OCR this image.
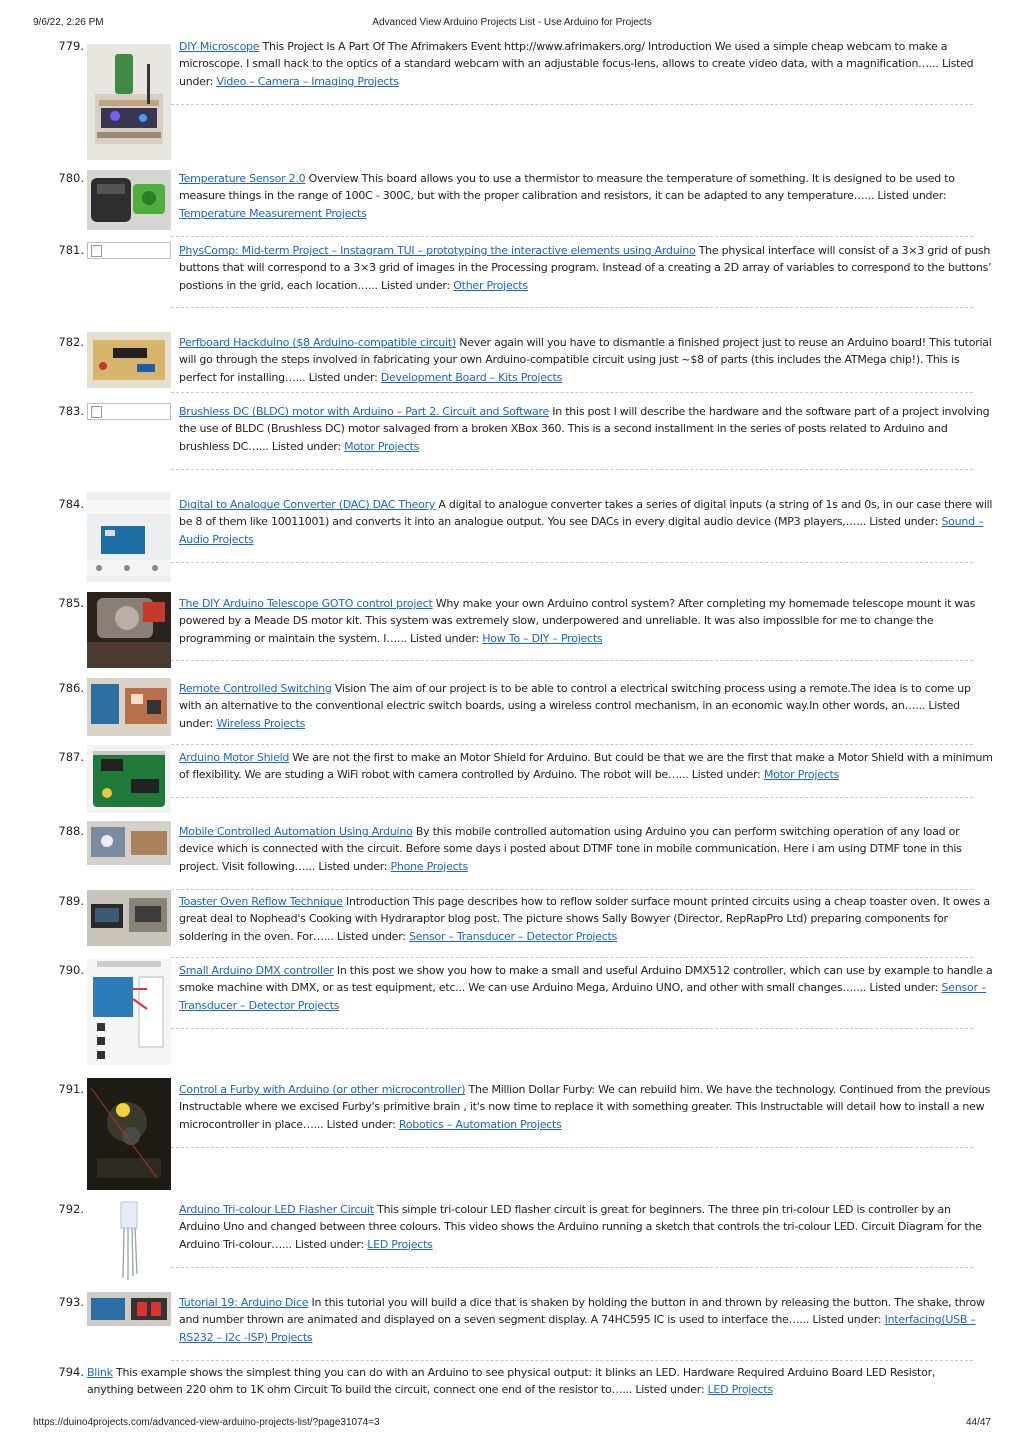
9/6/22, 2:26 PM	Advanced View Arduino Projects List - Use Arduino for Projects
779.	DIY Microscope This Project Is A Part Of The Afrimakers Event http://www.afrimakers.org/ Introduction We used a simple cheap webcam to make a microscope. I small hack to the optics of a standard webcam with an adjustable focus-lens, allows to create video data, with a magnification…... Listed under: Video – Camera – Imaging Projects
780.	Temperature Sensor 2.0 Overview This board allows you to use a thermistor to measure the temperature of something. It is designed to be used to measure things in the range of 100C - 300C, but with the proper calibration and resistors, it can be adapted to any temperature…... Listed under: Temperature Measurement Projects
781.	PhysComp: Mid-term Project – Instagram TUI – prototyping the interactive elements using Arduino The physical interface will consist of a 3×3 grid of push buttons that will correspond to a 3×3 grid of images in the Processing program. Instead of a creating a 2D array of variables to correspond to the buttons’ postions in the grid, each location…... Listed under: Other Projects
782.	Perfboard Hackduino ($8 Arduino-compatible circuit) Never again will you have to dismantle a finished project just to reuse an Arduino board! This tutorial will go through the steps involved in fabricating your own Arduino-compatible circuit using just ~$8 of parts (this includes the ATMega chip!). This is perfect for installing…... Listed under: Development Board – Kits Projects
783.	Brushless DC (BLDC) motor with Arduino – Part 2. Circuit and Software In this post I will describe the hardware and the software part of a project involving the use of BLDC (Brushless DC) motor salvaged from a broken XBox 360. This is a second installment in the series of posts related to Arduino and brushless DC…... Listed under: Motor Projects
784.	Digital to Analogue Converter (DAC) DAC Theory A digital to analogue converter takes a series of digital inputs (a string of 1s and 0s, in our case there will be 8 of them like 10011001) and converts it into an analogue output. You see DACs in every digital audio device (MP3 players,…... Listed under: Sound – Audio Projects
785.	The DIY Arduino Telescope GOTO control project Why make your own Arduino control system? After completing my homemade telescope mount it was powered by a Meade DS motor kit. This system was extremely slow, underpowered and unreliable. It was also impossible for me to change the programming or maintain the system. I…... Listed under: How To – DIY – Projects
786.	Remote Controlled Switching Vision The aim of our project is to be able to control a electrical switching process using a remote.The idea is to come up with an alternative to the conventional electric switch boards, using a wireless control mechanism, in an economic way.In other words, an…... Listed under: Wireless Projects
787.	Arduino Motor Shield We are not the first to make an Motor Shield for Arduino. But could be that we are the first that make a Motor Shield with a minimum of flexibility. We are studing a WiFi robot with camera controlled by Arduino. The robot will be…... Listed under: Motor Projects
788.	Mobile Controlled Automation Using Arduino By this mobile controlled automation using Arduino you can perform switching operation of any load or device which is connected with the circuit. Before some days i posted about DTMF tone in mobile communication. Here i am using DTMF tone in this project. Visit following…... Listed under: Phone Projects
789.	Toaster Oven Reflow Technique Introduction This page describes how to reflow solder surface mount printed circuits using a cheap toaster oven. It owes a great deal to Nophead's Cooking with Hydraraptor blog post. The picture shows Sally Bowyer (Director, RepRapPro Ltd) preparing components for soldering in the oven. For…... Listed under: Sensor – Transducer – Detector Projects
790.	Small Arduino DMX controller In this post we show you how to make a small and useful Arduino DMX512 controller, which can use by example to handle a smoke machine with DMX, or as test equipment, etc... We can use Arduino Mega, Arduino UNO, and other with small changes….... Listed under: Sensor – Transducer – Detector Projects
791.	Control a Furby with Arduino (or other microcontroller) The Million Dollar Furby: We can rebuild him. We have the technology. Continued from the previous Instructable where we excised Furby's primitive brain , it's now time to replace it with something greater. This Instructable will detail how to install a new microcontroller in place…... Listed under: Robotics – Automation Projects
792.	Arduino Tri-colour LED Flasher Circuit This simple tri-colour LED flasher circuit is great for beginners. The three pin tri-colour LED is controller by an Arduino Uno and changed between three colours. This video shows the Arduino running a sketch that controls the tri-colour LED. Circuit Diagram for the Arduino Tri-colour…... Listed under: LED Projects
793.	Tutorial 19: Arduino Dice In this tutorial you will build a dice that is shaken by holding the button in and thrown by releasing the button. The shake, throw and number thrown are animated and displayed on a seven segment display. A 74HC595 IC is used to interface the…... Listed under: Interfacing(USB – RS232 – I2c -ISP) Projects
794. Blink This example shows the simplest thing you can do with an Arduino to see physical output: it blinks an LED. Hardware Required Arduino Board LED Resistor, anything between 220 ohm to 1K ohm Circuit To build the circuit, connect one end of the resistor to…... Listed under: LED Projects
https://duino4projects.com/advanced-view-arduino-projects-list/?page31074=3	44/47
